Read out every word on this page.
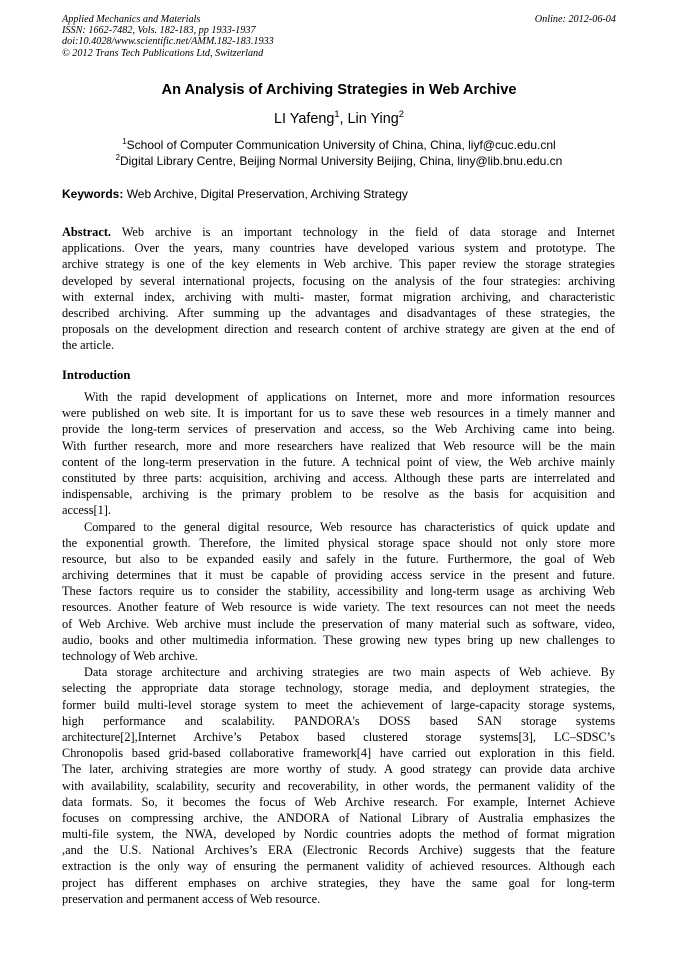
Applied Mechanics and Materials
ISSN: 1662-7482, Vols. 182-183, pp 1933-1937
doi:10.4028/www.scientific.net/AMM.182-183.1933
© 2012 Trans Tech Publications Ltd, Switzerland
Online: 2012-06-04
An Analysis of Archiving Strategies in Web Archive
LI Yafeng$^1$, Lin Ying$^2$
$^1$School of Computer Communication University of China, China, liyf@cuc.edu.cnl
$^2$Digital Library Centre, Beijing Normal University Beijing, China, liny@lib.bnu.edu.cn
Keywords: Web Archive, Digital Preservation, Archiving Strategy
Abstract. Web archive is an important technology in the field of data storage and Internet
applications. Over the years, many countries have developed various system and prototype. The
archive strategy is one of the key elements in Web archive. This paper review the storage strategies
developed by several international projects, focusing on the analysis of the four strategies: archiving
with external index, archiving with multi- master, format migration archiving, and characteristic
described archiving. After summing up the advantages and disadvantages of these strategies, the
proposals on the development direction and research content of archive strategy are given at the end of
the article.
Introduction
With the rapid development of applications on Internet, more and more information resources
were published on web site. It is important for us to save these web resources in a timely manner and
provide the long-term services of preservation and access, so the Web Archiving came into being.
With further research, more and more researchers have realized that Web resource will be the main
content of the long-term preservation in the future. A technical point of view, the Web archive mainly
constituted by three parts: acquisition, archiving and access. Although these parts are interrelated and
indispensable, archiving is the primary problem to be resolve as the basis for acquisition and
access[1].
Compared to the general digital resource, Web resource has characteristics of quick update and
the exponential growth. Therefore, the limited physical storage space should not only store more
resource, but also to be expanded easily and safely in the future. Furthermore, the goal of Web
archiving determines that it must be capable of providing access service in the present and future.
These factors require us to consider the stability, accessibility and long-term usage as archiving Web
resources. Another feature of Web resource is wide variety. The text resources can not meet the needs
of Web Archive. Web archive must include the preservation of many material such as software, video,
audio, books and other multimedia information. These growing new types bring up new challenges to
technology of Web archive.
Data storage architecture and archiving strategies are two main aspects of Web achieve. By
selecting the appropriate data storage technology, storage media, and deployment strategies, the
former build multi-level storage system to meet the achievement of large-capacity storage systems,
high performance and scalability. PANDORA's DOSS based SAN storage systems
architecture[2],Internet Archive’s Petabox based clustered storage systems[3], LC–SDSC’s
Chronopolis based grid-based collaborative framework[4] have carried out exploration in this field.
The later, archiving strategies are more worthy of study. A good strategy can provide data archive
with availability, scalability, security and recoverability, in other words, the permanent validity of the
data formats. So, it becomes the focus of Web Archive research. For example, Internet Achieve
focuses on compressing archive, the ANDORA of National Library of Australia emphasizes the
multi-file system, the NWA, developed by Nordic countries adopts the method of format migration
,and the U.S. National Archives’s ERA (Electronic Records Archive) suggests that the feature
extraction is the only way of ensuring the permanent validity of achieved resources. Although each
project has different emphases on archive strategies, they have the same goal for long-term
preservation and permanent access of Web resource.
